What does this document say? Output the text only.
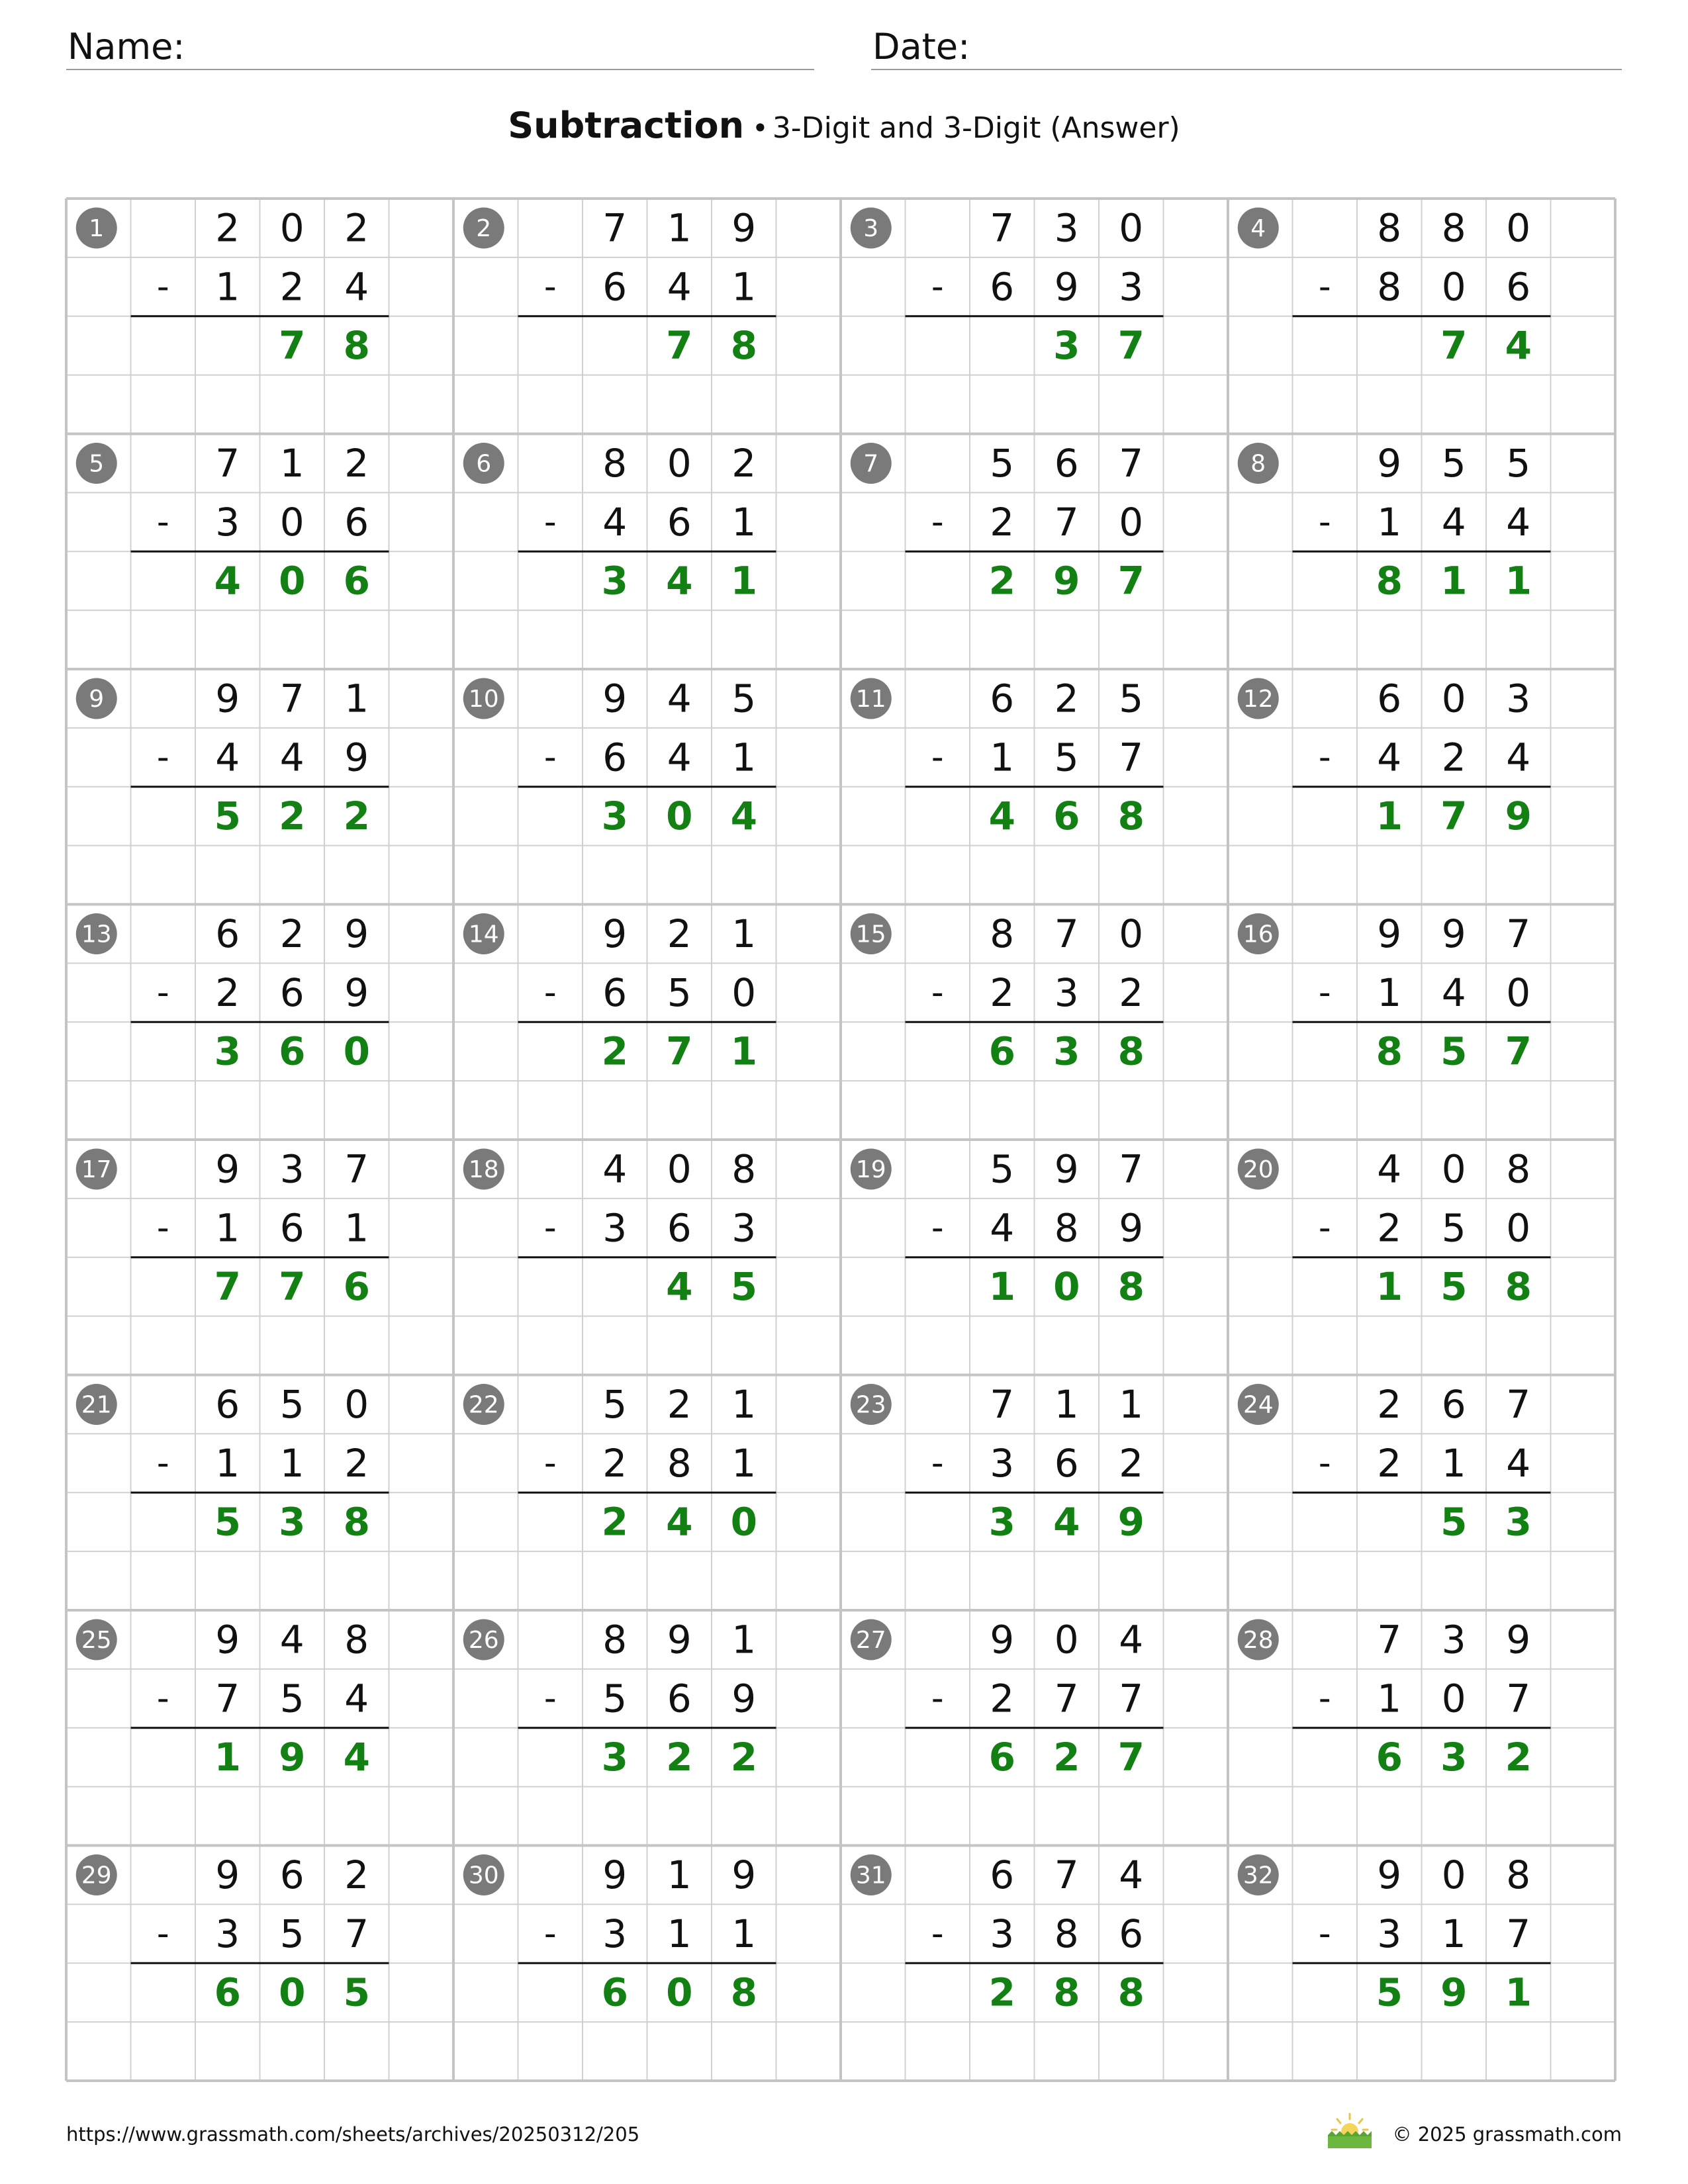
Name:	Date:
Subtraction • 3-Digit and 3-Digit (Answer)
1	2 0 2
- 1 2 4
7 8
2	7 1 9
- 6 4 1
7 8
3	7 3 0
- 6 9 3
3 7
4	8 8 0
- 8 0 6
7 4
5	7 1 2
- 3 0 6
4 0 6
6	8 0 2
- 4 6 1
3 4 1
7	5 6 7
- 2 7 0
2 9 7
8	9 5 5
- 1 4 4
8 1 1
9	9 7 1
- 4 4 9
5 2 2
10	9 4 5
- 6 4 1
3 0 4
11	6 2 5
- 1 5 7
4 6 8
12	6 0 3
- 4 2 4
1 7 9
13	6 2 9
- 2 6 9
3 6 0
14	9 2 1
- 6 5 0
2 7 1
15	8 7 0
- 2 3 2
6 3 8
16	9 9 7
- 1 4 0
8 5 7
17	9 3 7
- 1 6 1
7 7 6
18	4 0 8
- 3 6 3
4 5
19	5 9 7
- 4 8 9
1 0 8
20	4 0 8
- 2 5 0
1 5 8
21	6 5 0
- 1 1 2
5 3 8
22	5 2 1
- 2 8 1
2 4 0
23	7 1 1
- 3 6 2
3 4 9
24	2 6 7
- 2 1 4
5 3
25	9 4 8
- 7 5 4
1 9 4
26	8 9 1
- 5 6 9
3 2 2
27	9 0 4
- 2 7 7
6 2 7
28	7 3 9
- 1 0 7
6 3 2
29	9 6 2
- 3 5 7
6 0 5
30	9 1 9
- 3 1 1
6 0 8
31	6 7 4
- 3 8 6
2 8 8
32	9 0 8
- 3 1 7
5 9 1
https://www.grassmath.com/sheets/archives/20250312/205	© 2025 grassmath.com
